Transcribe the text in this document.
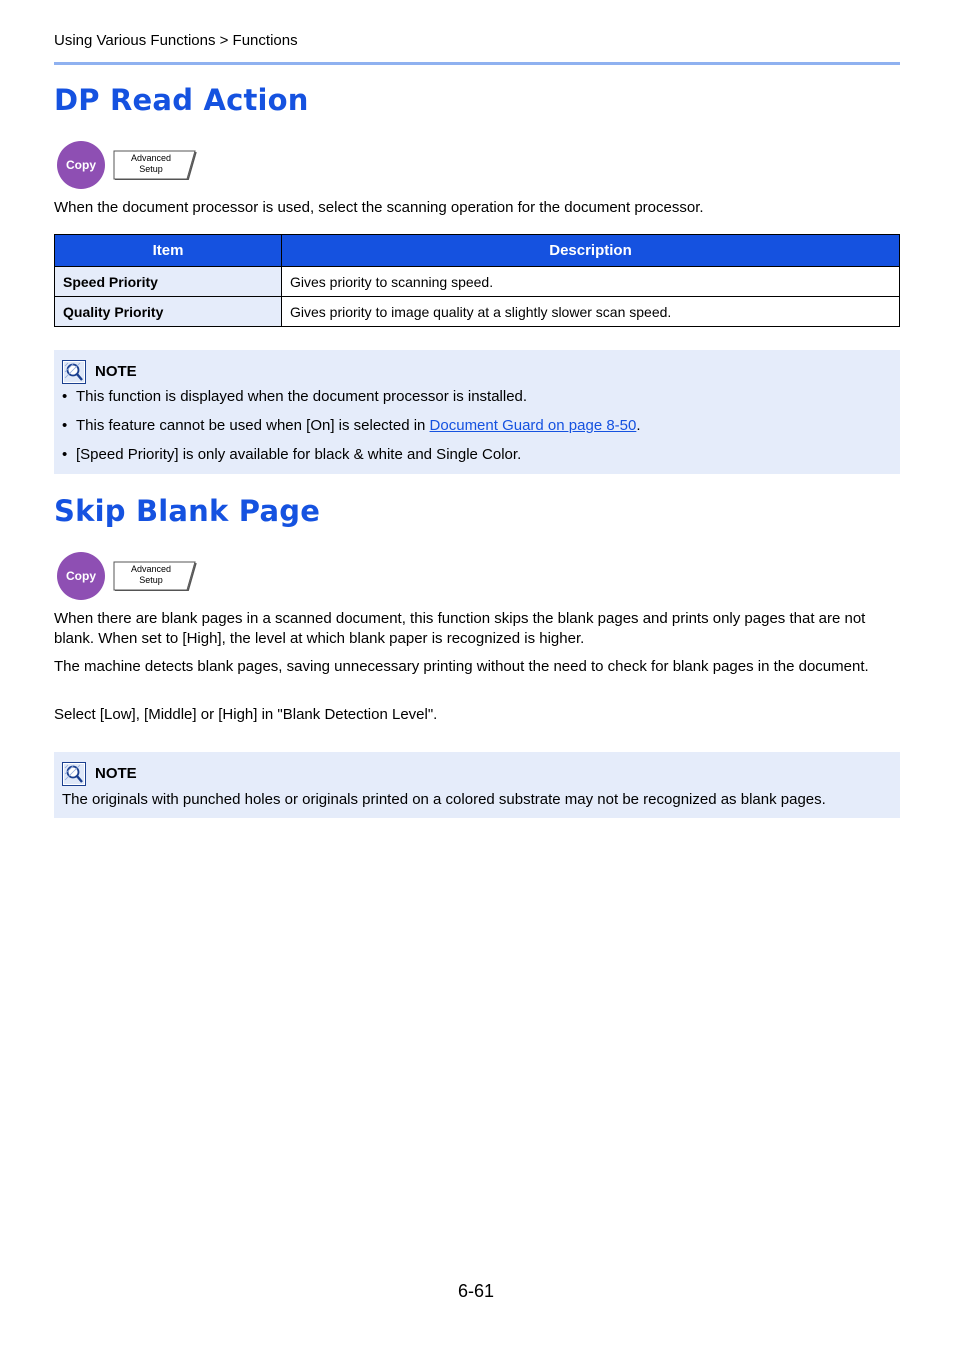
Using Various Functions > Functions
DP Read Action
Copy	Advanced
Setup

When the document processor is used, select the scanning operation for the document processor.

Item	Description
Speed Priority	Gives priority to scanning speed.
Quality Priority	Gives priority to image quality at a slightly slower scan speed.
NOTE
• This function is displayed when the document processor is installed.
• This feature cannot be used when [On] is selected in Document Guard on page 8-50.
• [Speed Priority] is only available for black & white and Single Color.
Skip Blank Page
Copy	Advanced
Setup

When there are blank pages in a scanned document, this function skips the blank pages and prints only pages that are not blank. When set to [High], the level at which blank paper is recognized is higher.

The machine detects blank pages, saving unnecessary printing without the need to check for blank pages in the document.

Select [Low], [Middle] or [High] in "Blank Detection Level".

NOTE
The originals with punched holes or originals printed on a colored substrate may not be recognized as blank pages.
6-61
